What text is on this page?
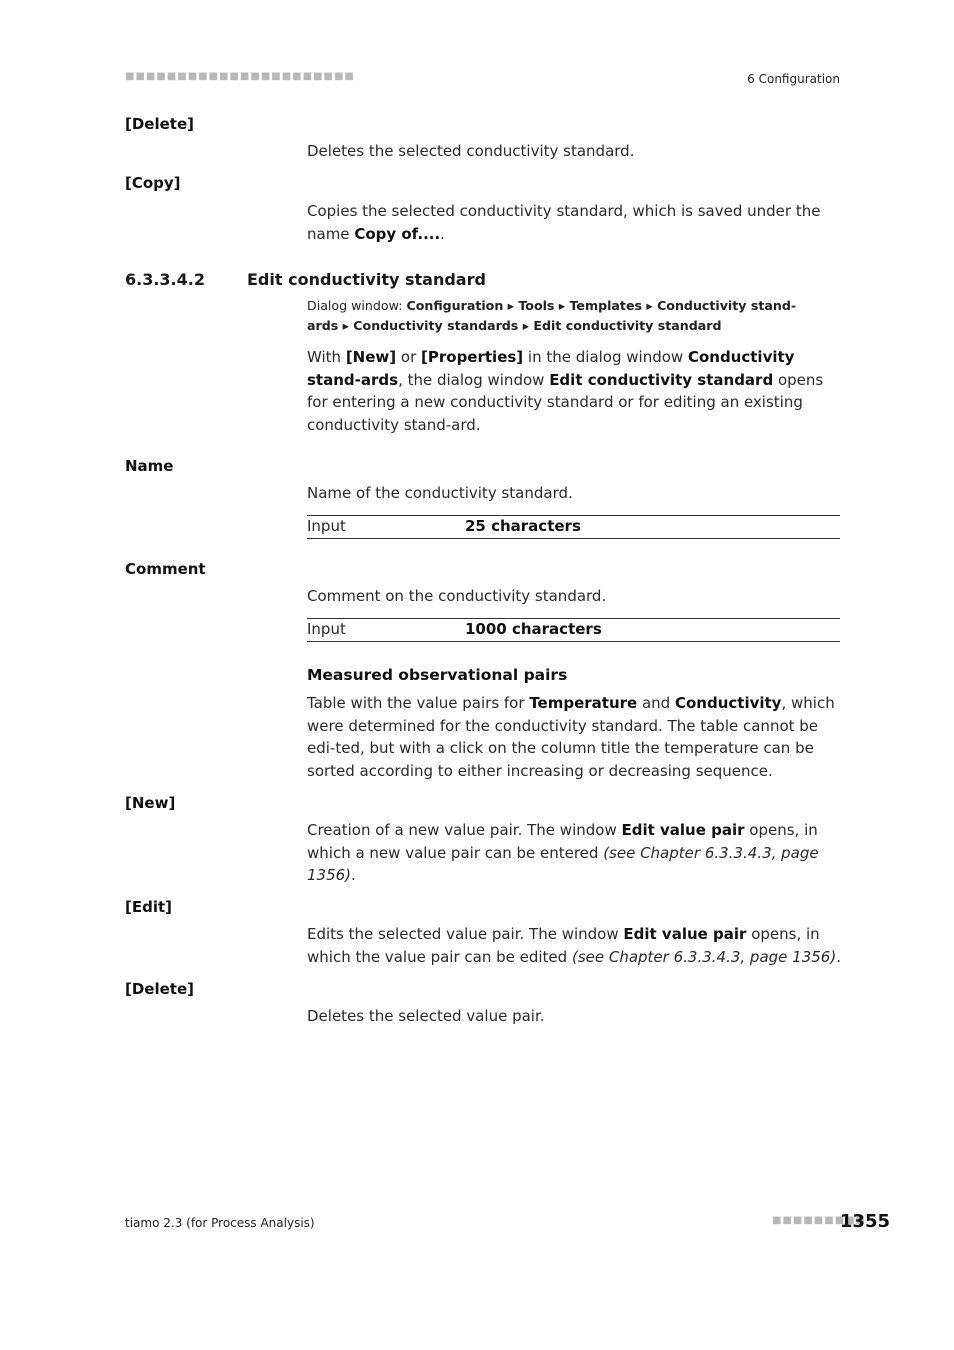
■■■■■■■■■■■■■■■■■■■■■■	6 Configuration
[Delete]
Deletes the selected conductivity standard.
[Copy]
Copies the selected conductivity standard, which is saved under the name Copy of.....
6.3.3.4.2	Edit conductivity standard
Dialog window: Configuration ▸ Tools ▸ Templates ▸ Conductivity stand-
ards ▸ Conductivity standards ▸ Edit conductivity standard
With [New] or [Properties] in the dialog window Conductivity stand-ards, the dialog window Edit conductivity standard opens for entering a new conductivity standard or for editing an existing conductivity stand-ard.
Name
Name of the conductivity standard.
Input	25 characters
Comment
Comment on the conductivity standard.
Input	1000 characters
Measured observational pairs
Table with the value pairs for Temperature and Conductivity, which were determined for the conductivity standard. The table cannot be edi-ted, but with a click on the column title the temperature can be sorted according to either increasing or decreasing sequence.
[New]
Creation of a new value pair. The window Edit value pair opens, in which a new value pair can be entered (see Chapter 6.3.3.4.3, page 1356).
[Edit]
Edits the selected value pair. The window Edit value pair opens, in which the value pair can be edited (see Chapter 6.3.3.4.3, page 1356).
[Delete]
Deletes the selected value pair.
tiamo 2.3 (for Process Analysis)	■■■■■■■■■
1355
